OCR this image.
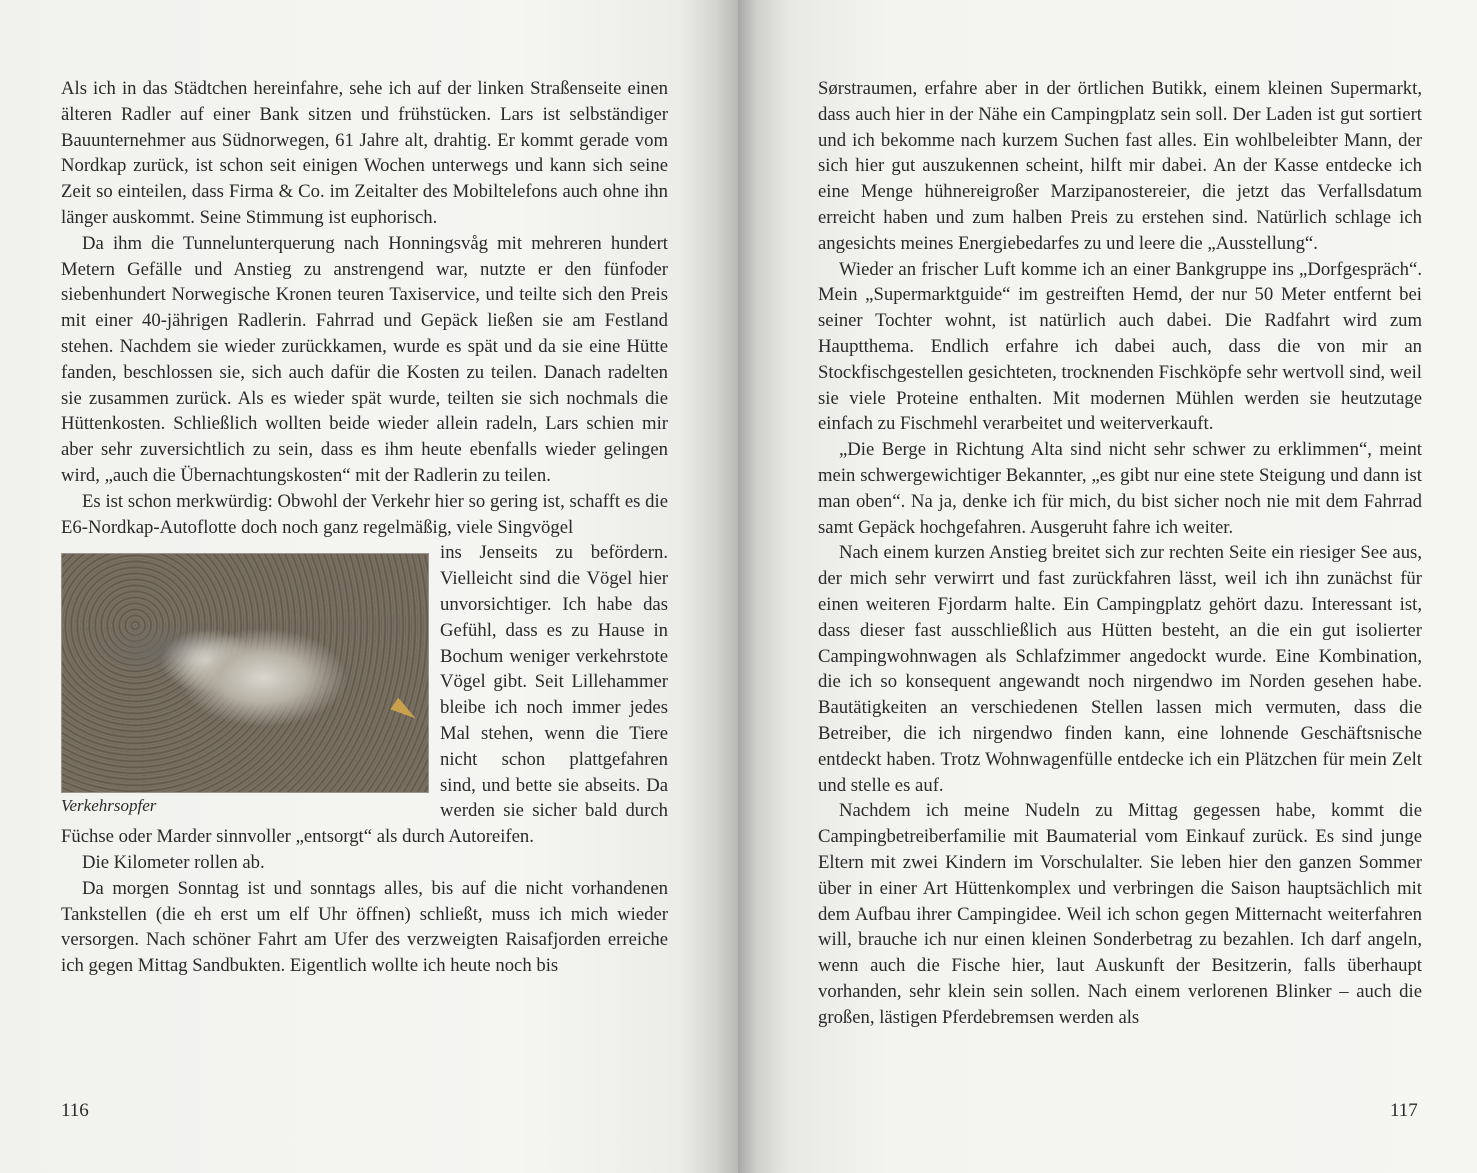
Als ich in das Städtchen hereinfahre, sehe ich auf der linken Straßenseite einen älteren Radler auf einer Bank sitzen und frühstücken. Lars ist selbständiger Bauunternehmer aus Südnorwegen, 61 Jahre alt, drahtig. Er kommt gerade vom Nordkap zurück, ist schon seit einigen Wochen unterwegs und kann sich seine Zeit so einteilen, dass Firma & Co. im Zeitalter des Mobiltelefons auch ohne ihn länger auskommt. Seine Stimmung ist euphorisch.

Da ihm die Tunnelunterquerung nach Honningsvåg mit mehreren hundert Metern Gefälle und Anstieg zu anstrengend war, nutzte er den fünfoder siebenhundert Norwegische Kronen teuren Taxiservice, und teilte sich den Preis mit einer 40-jährigen Radlerin. Fahrrad und Gepäck ließen sie am Festland stehen. Nachdem sie wieder zurückkamen, wurde es spät und da sie eine Hütte fanden, beschlossen sie, sich auch dafür die Kosten zu teilen. Danach radelten sie zusammen zurück. Als es wieder spät wurde, teilten sie sich nochmals die Hüttenkosten. Schließlich wollten beide wieder allein radeln, Lars schien mir aber sehr zuversichtlich zu sein, dass es ihm heute ebenfalls wieder gelingen wird, „auch die Übernachtungskosten“ mit der Radlerin zu teilen.

Es ist schon merkwürdig: Obwohl der Verkehr hier so gering ist, schafft es die E6-Nordkap-Autoflotte doch noch ganz regelmäßig, viele Singvögel

Verkehrsopfer

ins Jenseits zu befördern. Vielleicht sind die Vögel hier unvorsichtiger. Ich habe das Gefühl, dass es zu Hause in Bochum weniger verkehrstote Vögel gibt. Seit Lillehammer bleibe ich noch immer jedes Mal stehen, wenn die Tiere nicht schon plattgefahren sind, und bette sie abseits. Da werden sie sicher bald durch Füchse oder Marder sinnvoller „entsorgt“ als durch Autoreifen.

Die Kilometer rollen ab.

Da morgen Sonntag ist und sonntags alles, bis auf die nicht vorhandenen Tankstellen (die eh erst um elf Uhr öffnen) schließt, muss ich mich wieder versorgen. Nach schöner Fahrt am Ufer des verzweigten Raisafjorden erreiche ich gegen Mittag Sandbukten. Eigentlich wollte ich heute noch bis

116

Sørstraumen, erfahre aber in der örtlichen Butikk, einem kleinen Supermarkt, dass auch hier in der Nähe ein Campingplatz sein soll. Der Laden ist gut sortiert und ich bekomme nach kurzem Suchen fast alles. Ein wohlbeleibter Mann, der sich hier gut auszukennen scheint, hilft mir dabei. An der Kasse entdecke ich eine Menge hühnereigroßer Marzipanostereier, die jetzt das Verfallsdatum erreicht haben und zum halben Preis zu erstehen sind. Natürlich schlage ich angesichts meines Energiebedarfes zu und leere die „Ausstellung“.

Wieder an frischer Luft komme ich an einer Bankgruppe ins „Dorfgespräch“. Mein „Supermarktguide“ im gestreiften Hemd, der nur 50 Meter entfernt bei seiner Tochter wohnt, ist natürlich auch dabei. Die Radfahrt wird zum Hauptthema. Endlich erfahre ich dabei auch, dass die von mir an Stockfischgestellen gesichteten, trocknenden Fischköpfe sehr wertvoll sind, weil sie viele Proteine enthalten. Mit modernen Mühlen werden sie heutzutage einfach zu Fischmehl verarbeitet und weiterverkauft.

„Die Berge in Richtung Alta sind nicht sehr schwer zu erklimmen“, meint mein schwergewichtiger Bekannter, „es gibt nur eine stete Steigung und dann ist man oben“. Na ja, denke ich für mich, du bist sicher noch nie mit dem Fahrrad samt Gepäck hochgefahren. Ausgeruht fahre ich weiter.

Nach einem kurzen Anstieg breitet sich zur rechten Seite ein riesiger See aus, der mich sehr verwirrt und fast zurückfahren lässt, weil ich ihn zunächst für einen weiteren Fjordarm halte. Ein Campingplatz gehört dazu. Interessant ist, dass dieser fast ausschließlich aus Hütten besteht, an die ein gut isolierter Campingwohnwagen als Schlafzimmer angedockt wurde. Eine Kombination, die ich so konsequent angewandt noch nirgendwo im Norden gesehen habe. Bautätigkeiten an verschiedenen Stellen lassen mich vermuten, dass die Betreiber, die ich nirgendwo finden kann, eine lohnende Geschäftsnische entdeckt haben. Trotz Wohnwagenfülle entdecke ich ein Plätzchen für mein Zelt und stelle es auf.

Nachdem ich meine Nudeln zu Mittag gegessen habe, kommt die Campingbetreiberfamilie mit Baumaterial vom Einkauf zurück. Es sind junge Eltern mit zwei Kindern im Vorschulalter. Sie leben hier den ganzen Sommer über in einer Art Hüttenkomplex und verbringen die Saison hauptsächlich mit dem Aufbau ihrer Campingidee. Weil ich schon gegen Mitternacht weiterfahren will, brauche ich nur einen kleinen Sonderbetrag zu bezahlen. Ich darf angeln, wenn auch die Fische hier, laut Auskunft der Besitzerin, falls überhaupt vorhanden, sehr klein sein sollen. Nach einem verlorenen Blinker – auch die großen, lästigen Pferdebremsen werden als

117
